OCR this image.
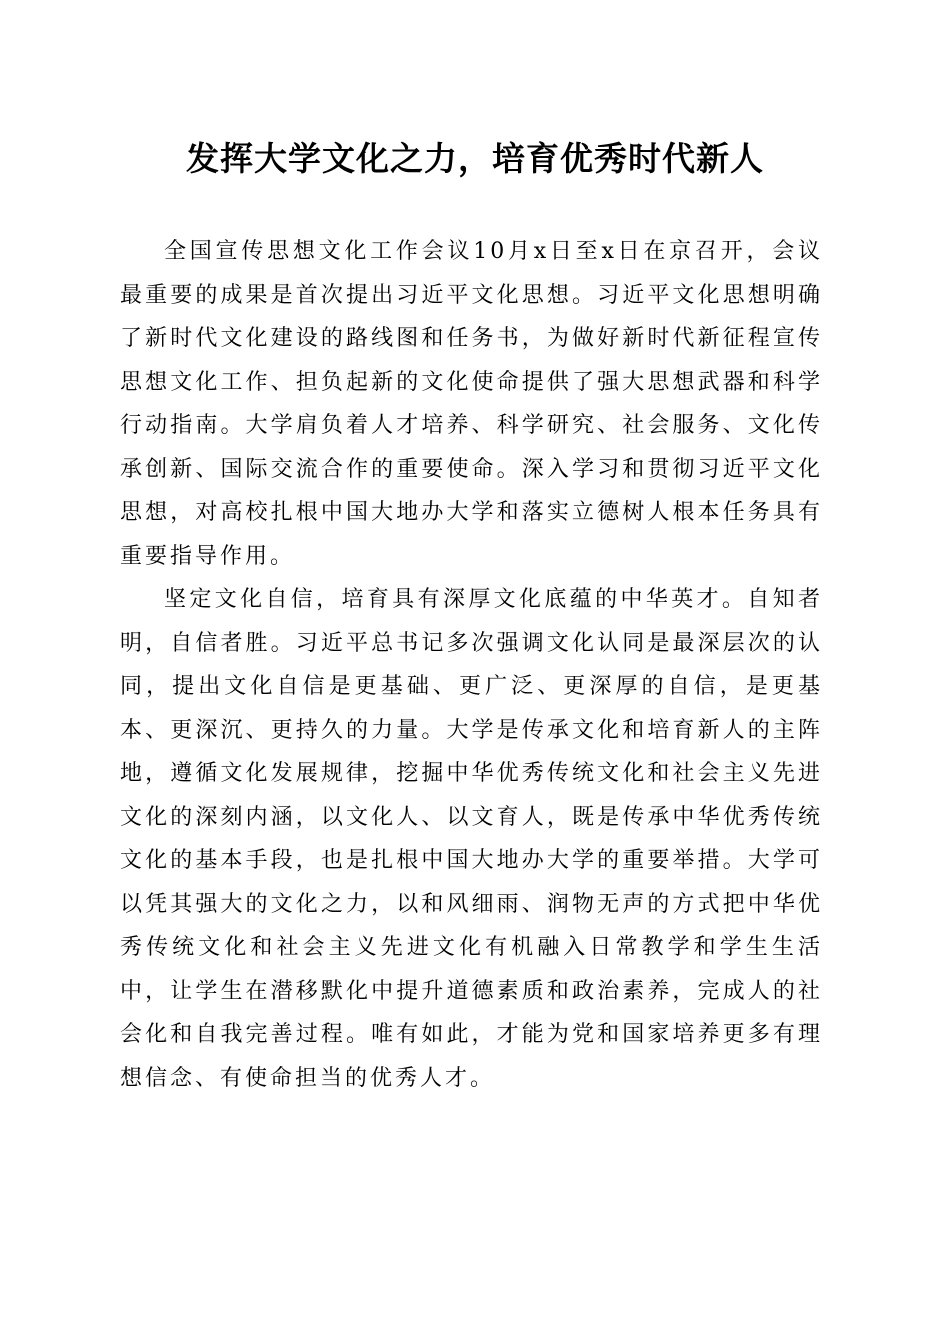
发挥大学文化之力，培育优秀时代新人

全国宣传思想文化工作会议10月x日至x日在京召开，会议最重要的成果是首次提出习近平文化思想。习近平文化思想明确了新时代文化建设的路线图和任务书，为做好新时代新征程宣传思想文化工作、担负起新的文化使命提供了强大思想武器和科学行动指南。大学肩负着人才培养、科学研究、社会服务、文化传承创新、国际交流合作的重要使命。深入学习和贯彻习近平文化思想，对高校扎根中国大地办大学和落实立德树人根本任务具有重要指导作用。

坚定文化自信，培育具有深厚文化底蕴的中华英才。自知者明，自信者胜。习近平总书记多次强调文化认同是最深层次的认同，提出文化自信是更基础、更广泛、更深厚的自信，是更基本、更深沉、更持久的力量。大学是传承文化和培育新人的主阵地，遵循文化发展规律，挖掘中华优秀传统文化和社会主义先进文化的深刻内涵，以文化人、以文育人，既是传承中华优秀传统文化的基本手段，也是扎根中国大地办大学的重要举措。大学可以凭其强大的文化之力，以和风细雨、润物无声的方式把中华优秀传统文化和社会主义先进文化有机融入日常教学和学生生活中，让学生在潜移默化中提升道德素质和政治素养，完成人的社会化和自我完善过程。唯有如此，才能为党和国家培养更多有理想信念、有使命担当的优秀人才。
